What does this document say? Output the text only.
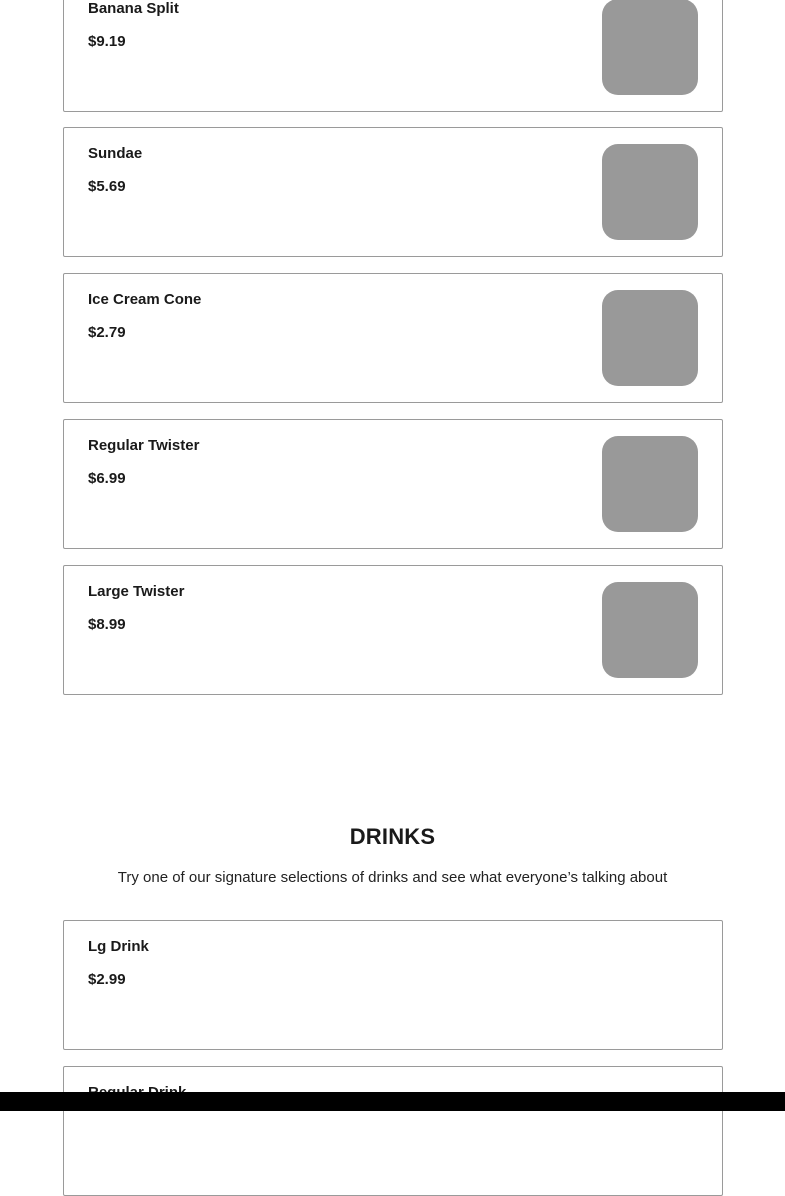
Banana Split
$9.19
Sundae
$5.69
Ice Cream Cone
$2.79
Regular Twister
$6.99
Large Twister
$8.99
DRINKS

Try one of our signature selections of drinks and see what everyone’s talking about

Lg Drink
$2.99
